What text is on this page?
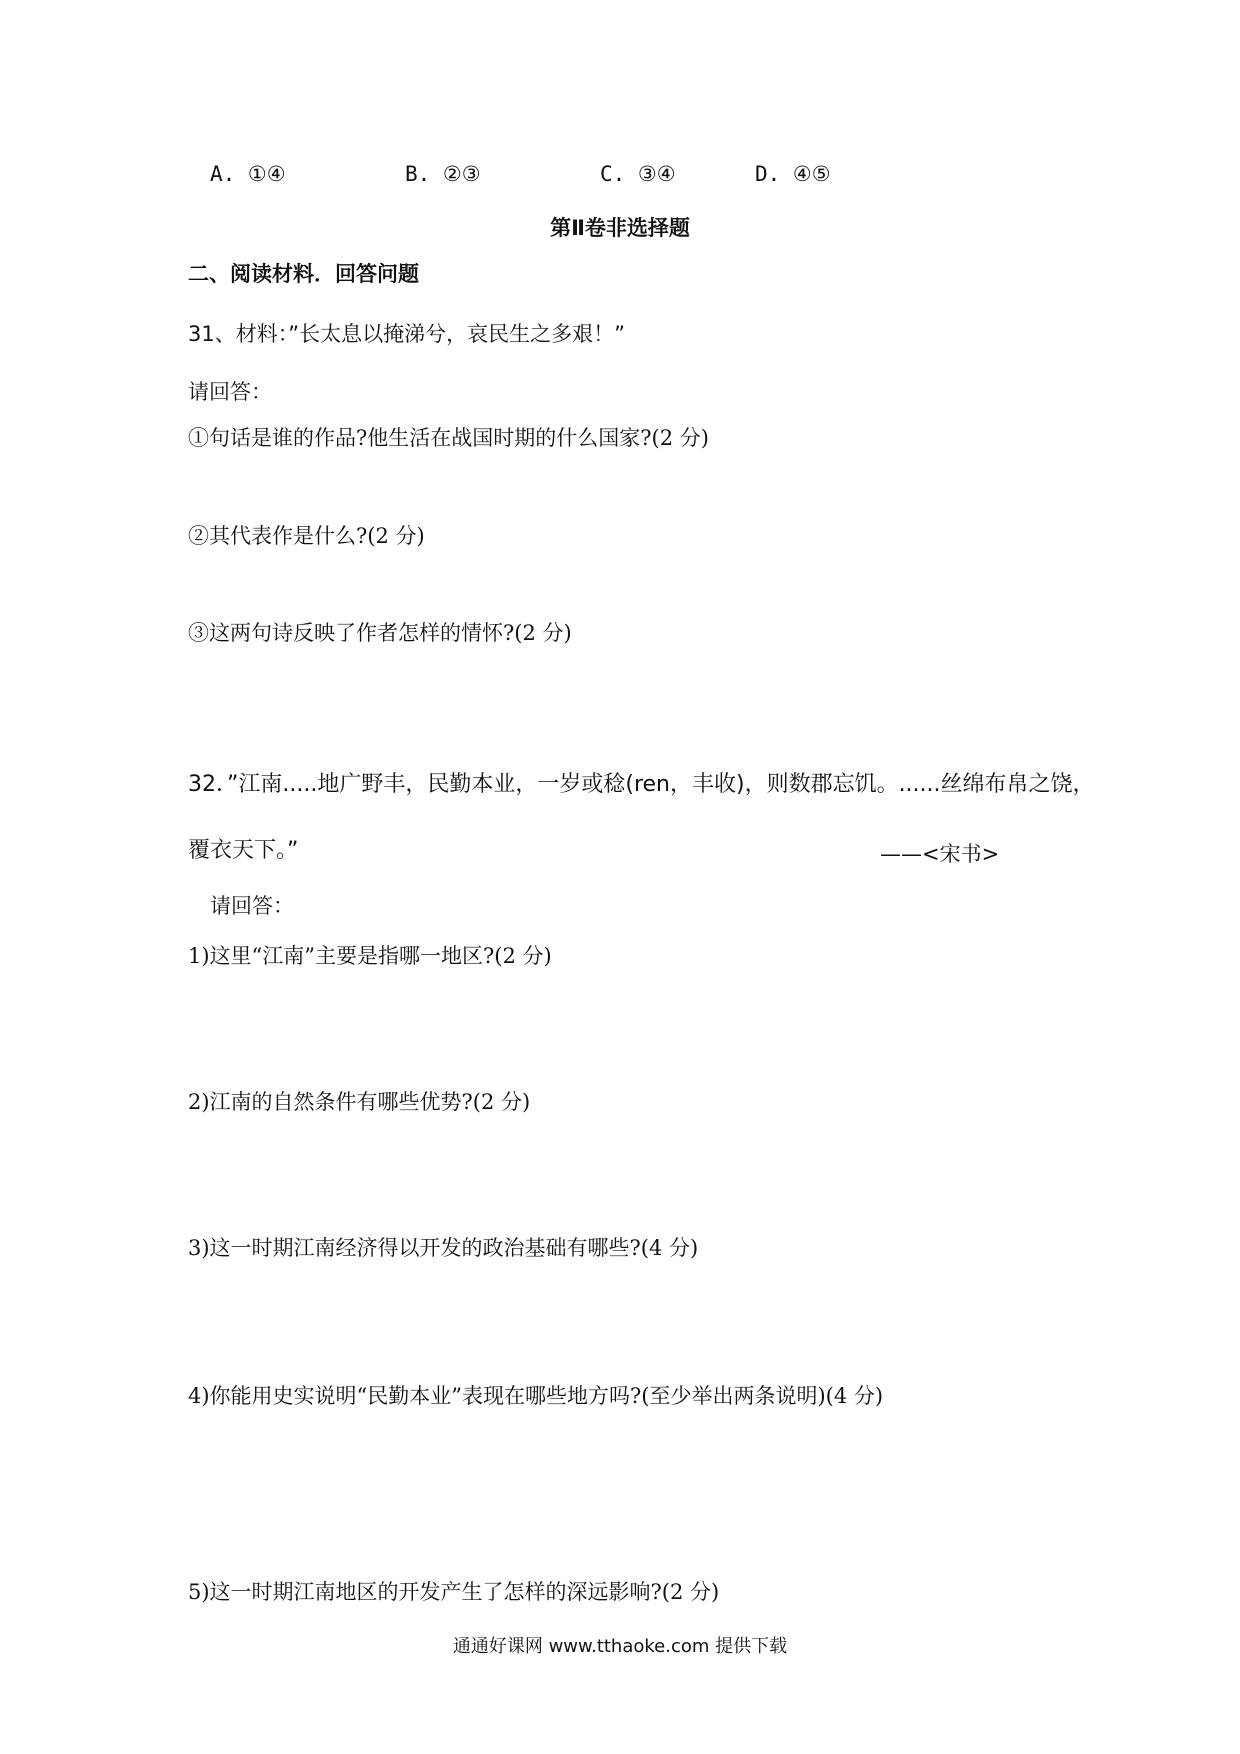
A. ①④	B. ②③	C. ③④	D. ④⑤
第Ⅱ卷非选择题
二、阅读材料．回答问题
31、材料：”长太息以掩涕兮，哀民生之多艰！”
请回答：
①句话是谁的作品?他生活在战国时期的什么国家?(2 分)
②其代表作是什么?(2 分)
③这两句诗反映了作者怎样的情怀?(2 分)
32．”江南.....地广野丰，民勤本业，一岁或稔(ren，丰收)，则数郡忘饥。......丝绵布帛之饶，
覆衣天下。”	——<宋书>
请回答：
1)这里“江南”主要是指哪一地区?(2 分)
2)江南的自然条件有哪些优势?(2 分)
3)这一时期江南经济得以开发的政治基础有哪些?(4 分)
4)你能用史实说明“民勤本业”表现在哪些地方吗?(至少举出两条说明)(4 分)
5)这一时期江南地区的开发产生了怎样的深远影响?(2 分)
通通好课网 www.tthaoke.com 提供下载
